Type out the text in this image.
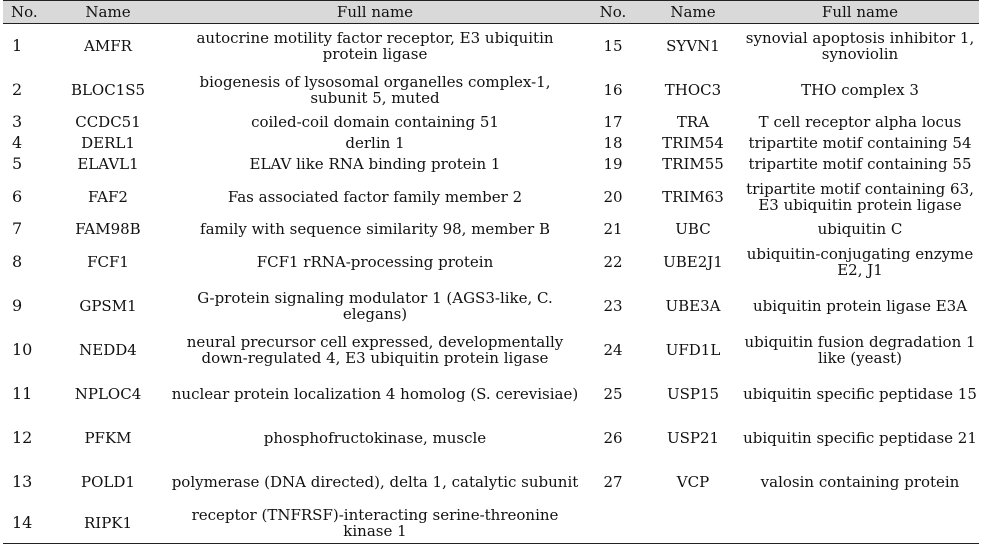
No.	Name	Full name	No.	Name	Full name
1	AMFR	autocrine motility factor receptor, E3 ubiquitin protein ligase	15	SYVN1	synovial apoptosis inhibitor 1, synoviolin
2	BLOC1S5	biogenesis of lysosomal organelles complex-1, subunit 5, muted	16	THOC3	THO complex 3
3	CCDC51	coiled-coil domain containing 51	17	TRA	T cell receptor alpha locus
4	DERL1	derlin 1	18	TRIM54	tripartite motif containing 54
5	ELAVL1	ELAV like RNA binding protein 1	19	TRIM55	tripartite motif containing 55
6	FAF2	Fas associated factor family member 2	20	TRIM63	tripartite motif containing 63, E3 ubiquitin protein ligase
7	FAM98B	family with sequence similarity 98, member B	21	UBC	ubiquitin C
8	FCF1	FCF1 rRNA-processing protein	22	UBE2J1	ubiquitin-conjugating enzyme E2, J1
9	GPSM1	G-protein signaling modulator 1 (AGS3-like, C. elegans)	23	UBE3A	ubiquitin protein ligase E3A
10	NEDD4	neural precursor cell expressed, developmentally down-regulated 4, E3 ubiquitin protein ligase	24	UFD1L	ubiquitin fusion degradation 1 like (yeast)
11	NPLOC4	nuclear protein localization 4 homolog (S. cerevisiae)	25	USP15	ubiquitin specific peptidase 15
12	PFKM	phosphofructokinase, muscle	26	USP21	ubiquitin specific peptidase 21
13	POLD1	polymerase (DNA directed), delta 1, catalytic subunit	27	VCP	valosin containing protein
14	RIPK1	receptor (TNFRSF)-interacting serine-threonine kinase 1			
